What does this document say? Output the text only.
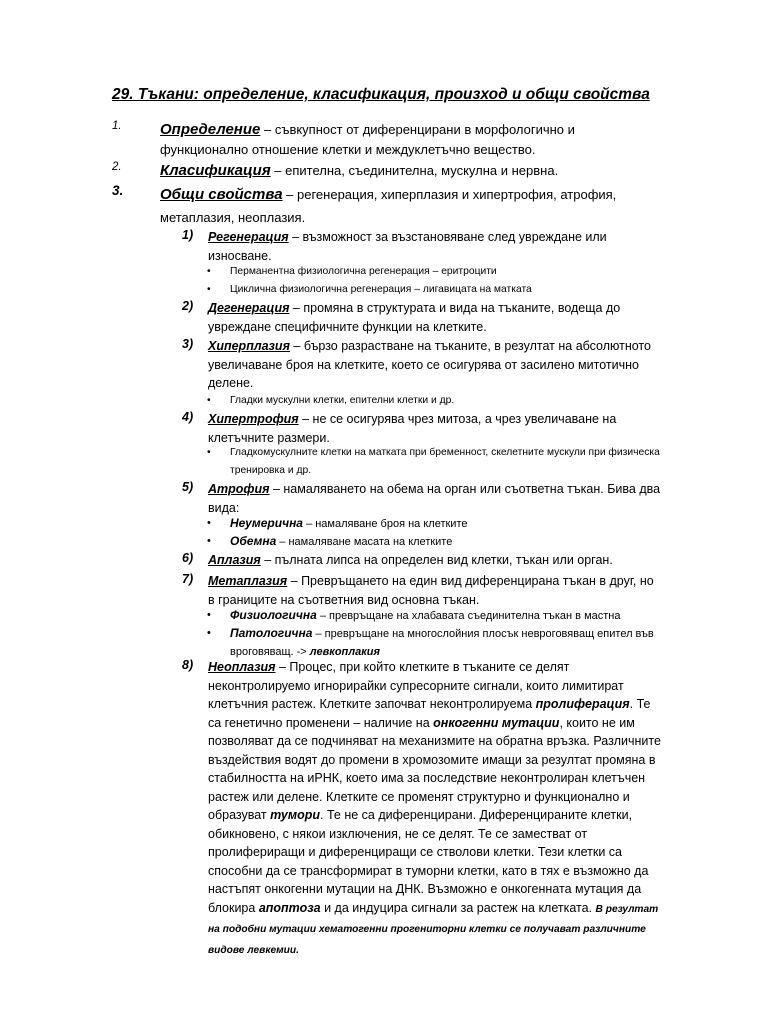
29. Тъкани: определение, класификация, произход и общи свойства
1.	Определение – съвкупност от диференцирани в морфологично и функционално отношение клетки и междуклетъчно вещество.
2.	Класификация – епителна, съединителна, мускулна и нервна.
3. Общи свойства – регенерация, хиперплазия и хипертрофия, атрофия, метаплазия, неоплазия.
1) Регенерация – възможност за възстановяване след увреждане или износване.
• Перманентна физиологична регенерация – еритроцити
• Циклична физиологична регенерация – лигавицата на матката
2) Дегенерация – промяна в структурата и вида на тъканите, водеща до увреждане специфичните функции на клетките.
3) Хиперплазия – бързо разрастване на тъканите, в резултат на абсолютното увеличаване броя на клетките, което се осигурява от засилено митотично делене.
• Гладки мускулни клетки, епителни клетки и др.
4) Хипертрофия – не се осигурява чрез митоза, а чрез увеличаване на клетъчните размери.
• Гладкомускулните клетки на матката при бременност, скелетните мускули при физическа тренировка и др.
5) Атрофия – намаляването на обема на орган или съответна тъкан. Бива два вида:
• Неумерична – намаляване броя на клетките
• Обемна – намаляване масата на клетките
6) Аплазия – пълната липса на определен вид клетки, тъкан или орган.
7) Метаплазия – Превръщането на един вид диференцирана тъкан в друг, но в границите на съответния вид основна тъкан.
• Физиологична – превръщане на хлабавата съединителна тъкан в мастна
• Патологична – превръщане на многослойния плосък невроговяващ епител във вроговяващ. -> левкоплакия
8) Неоплазия – Процес, при който клетките в тъканите се делят неконтролируемо игнорирайки супресорните сигнали, които лимитират клетъчния растеж. Клетките започват неконтролируема пролиферация. Те са генетично променени – наличие на онкогенни мутации, които не им позволяват да се подчиняват на механизмите на обратна връзка. Различните въздействия водят до промени в хромозомите имащи за резултат промяна в стабилността на иРНК, което има за последствие неконтролиран клетъчен растеж или делене. Клетките се променят структурно и функционално и образуват тумори. Те не са диференцирани. Диференцираните клетки, обикновено, с някои изключения, не се делят. Те се заместват от пролифериращи и диференциращи се стволови клетки. Тези клетки са способни да се трансформират в туморни клетки, като в тях е възможно да настъпят онкогенни мутации на ДНК. Възможно е онкогенната мутация да блокира апоптоза и да индуцира сигнали за растеж на клетката. В резултат на подобни мутации хематогенни прогениторни клетки се получават различните видове левкемии.
